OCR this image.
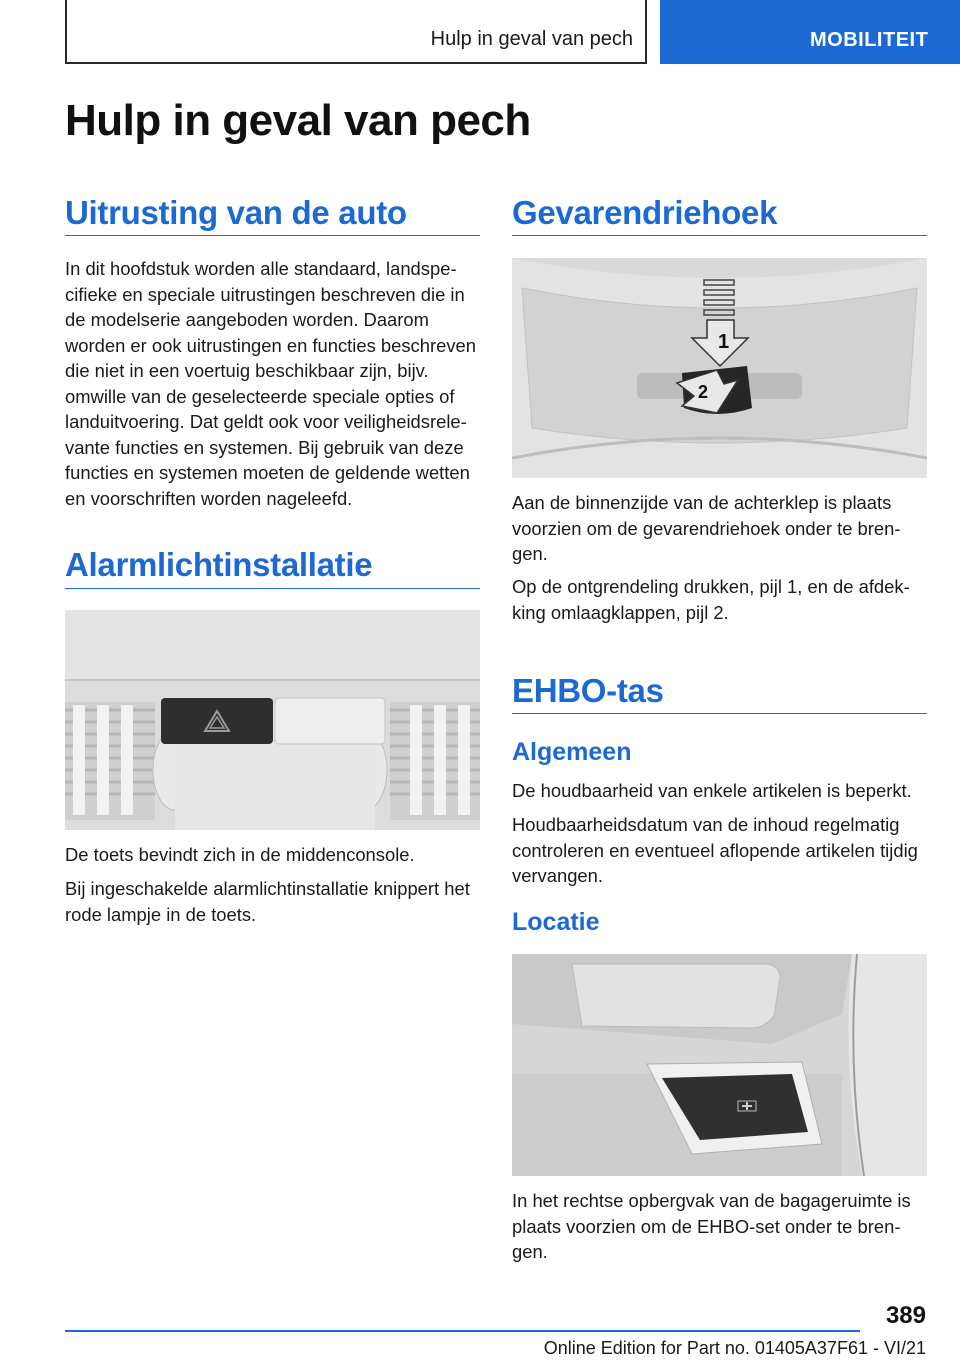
Hulp in geval van pech	MOBILITEIT
Hulp in geval van pech
Uitrusting van de auto

In dit hoofdstuk worden alle standaard, landspecifieke en speciale uitrustingen beschreven die in de modelserie aangeboden worden. Daarom worden er ook uitrustingen en functies beschreven die niet in een voertuig beschikbaar zijn, bijv. omwille van de geselecteerde speciale opties of landuitvoering. Dat geldt ook voor veiligheidsrelevante functies en systemen. Bij gebruik van deze functies en systemen moeten de geldende wetten en voorschriften worden nageleefd.

Alarmlichtinstallatie

De toets bevindt zich in de middenconsole.

Bij ingeschakelde alarmlichtinstallatie knippert het rode lampje in de toets.

Gevarendriehoek
1
2

Aan de binnenzijde van de achterklep is plaats voorzien om de gevarendriehoek onder te brengen.

Op de ontgrendeling drukken, pijl 1, en de afdekking omlaagklappen, pijl 2.

EHBO-tas
Algemeen

De houdbaarheid van enkele artikelen is beperkt.

Houdbaarheidsdatum van de inhoud regelmatig controleren en eventueel aflopende artikelen tijdig vervangen.

Locatie

In het rechtse opbergvak van de bagageruimte is plaats voorzien om de EHBO-set onder te brengen.

389
Online Edition for Part no. 01405A37F61 - VI/21
